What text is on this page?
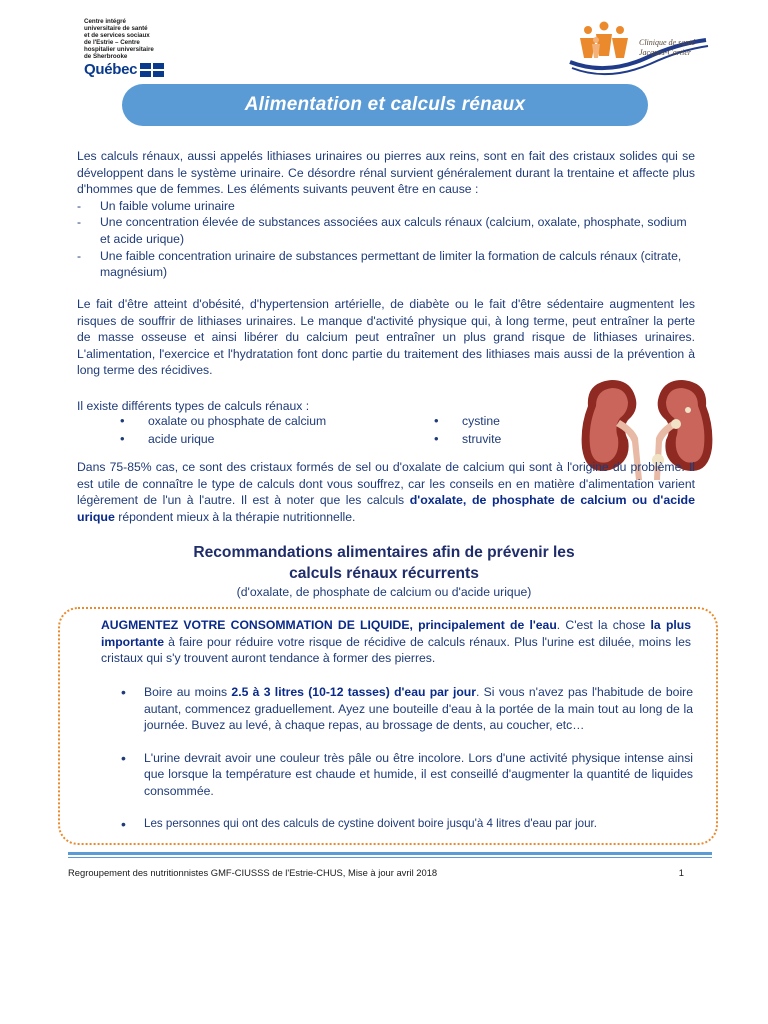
Centre intégré
universitaire de santé
et de services sociaux
de l'Estrie – Centre
hospitalier universitaire
de Sherbrooke
Québec
Clinique de santé
Jacques-Cartier
Alimentation et calculs rénaux
Les calculs rénaux, aussi appelés lithiases urinaires ou pierres aux reins, sont en fait des cristaux solides qui se développent dans le système urinaire. Ce désordre rénal survient généralement durant la trentaine et affecte plus d'hommes que de femmes. Les éléments suivants peuvent être en cause :
- Un faible volume urinaire
- Une concentration élevée de substances associées aux calculs rénaux (calcium, oxalate, phosphate, sodium et acide urique)
- Une faible concentration urinaire de substances permettant de limiter la formation de calculs rénaux (citrate, magnésium)
Le fait d'être atteint d'obésité, d'hypertension artérielle, de diabète ou le fait d'être sédentaire augmentent les risques de souffrir de lithiases urinaires. Le manque d'activité physique qui, à long terme, peut entraîner la perte de masse osseuse et ainsi libérer du calcium peut entraîner un plus grand risque de lithiases urinaires. L'alimentation, l'exercice et l'hydratation font donc partie du traitement des lithiases mais aussi de la prévention à long terme des récidives.
Il existe différents types de calculs rénaux :
• oxalate ou phosphate de calcium
• acide urique
• cystine
• struvite
Dans 75-85% cas, ce sont des cristaux formés de sel ou d'oxalate de calcium qui sont à l'origine du problème. Il est utile de connaître le type de calculs dont vous souffrez, car les conseils en en matière d'alimentation varient légèrement de l'un à l'autre. Il est à noter que les calculs d'oxalate, de phosphate de calcium ou d'acide urique répondent mieux à la thérapie nutritionnelle.
Recommandations alimentaires afin de prévenir les
calculs rénaux récurrents
(d'oxalate, de phosphate de calcium ou d'acide urique)
AUGMENTEZ VOTRE CONSOMMATION DE LIQUIDE, principalement de l'eau. C'est la chose la plus importante à faire pour réduire votre risque de récidive de calculs rénaux. Plus l'urine est diluée, moins les cristaux qui s'y trouvent auront tendance à former des pierres.
• Boire au moins 2.5 à 3 litres (10-12 tasses) d'eau par jour. Si vous n'avez pas l'habitude de boire autant, commencez graduellement. Ayez une bouteille d'eau à la portée de la main tout au long de la journée. Buvez au levé, à chaque repas, au brossage de dents, au coucher, etc…
• L'urine devrait avoir une couleur très pâle ou être incolore. Lors d'une activité physique intense ainsi que lorsque la température est chaude et humide, il est conseillé d'augmenter la quantité de liquides consommée.
• Les personnes qui ont des calculs de cystine doivent boire jusqu'à 4 litres d'eau par jour.
Regroupement des nutritionnistes GMF-CIUSSS de l'Estrie-CHUS, Mise à jour avril 2018	1
